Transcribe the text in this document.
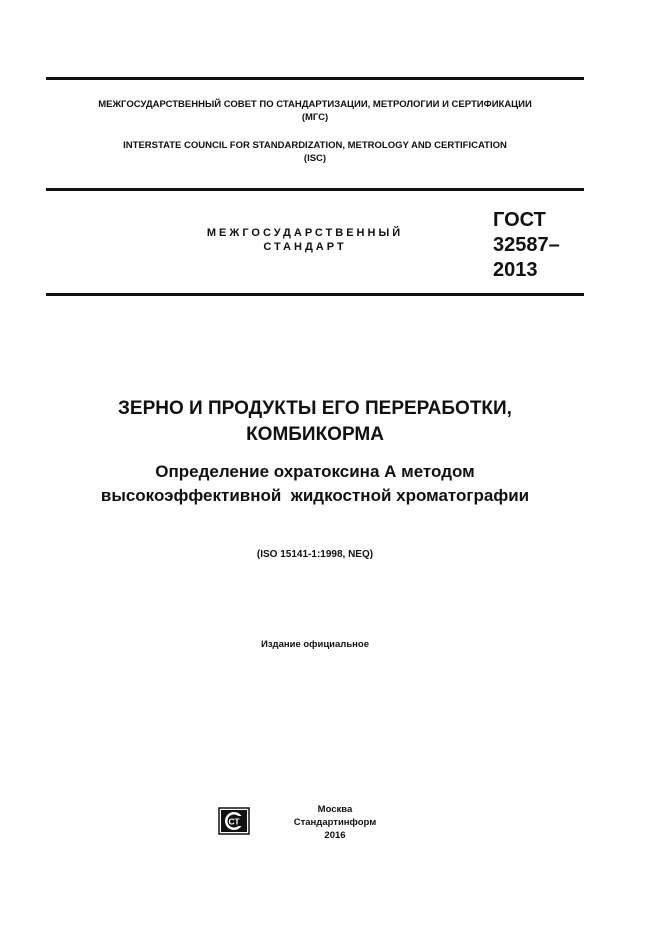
МЕЖГОСУДАРСТВЕННЫЙ СОВЕТ ПО СТАНДАРТИЗАЦИИ, МЕТРОЛОГИИ И СЕРТИФИКАЦИИ
(МГС)
INTERSTATE COUNCIL FOR STANDARDIZATION, METROLOGY AND CERTIFICATION
(ISC)
МЕЖГОСУДАРСТВЕННЫЙ
СТАНДАРТ
ГОСТ
32587–
2013
ЗЕРНО И ПРОДУКТЫ ЕГО ПЕРЕРАБОТКИ,
КОМБИКОРМА
Определение охратоксина А методом
высокоэффективной  жидкостной хроматографии
(ISO 15141-1:1998, NEQ)
Издание официальное
СТ
Москва
Стандартинформ
2016
